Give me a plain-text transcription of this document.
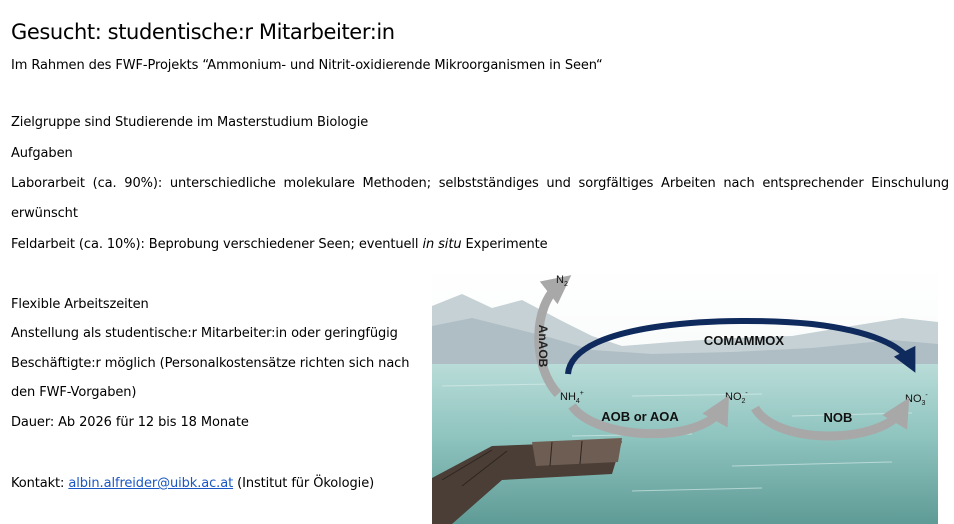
Gesucht: studentische:r Mitarbeiter:in
Im Rahmen des FWF-Projekts “Ammonium- und Nitrit-oxidierende Mikroorganismen in Seen“
Zielgruppe sind Studierende im Masterstudium Biologie
Aufgaben
Laborarbeit (ca. 90%): unterschiedliche molekulare Methoden; selbstständiges und sorgfältiges Arbeiten nach entsprechender Einschulung
erwünscht
Feldarbeit (ca. 10%): Beprobung verschiedener Seen; eventuell in situ Experimente
Flexible Arbeitszeiten
Anstellung als studentische:r Mitarbeiter:in oder geringfügig
Beschäftigte:r möglich (Personalkostensätze richten sich nach
den FWF-Vorgaben)
Dauer: Ab 2026 für 12 bis 18 Monate
Kontakt: albin.alfreider@uibk.ac.at (Institut für Ökologie)
AnAOB
$N_2$
COMAMMOX
$NH_4^+$	$NO_2^-$	$NO_3^-$
AOB or AOA	NOB
